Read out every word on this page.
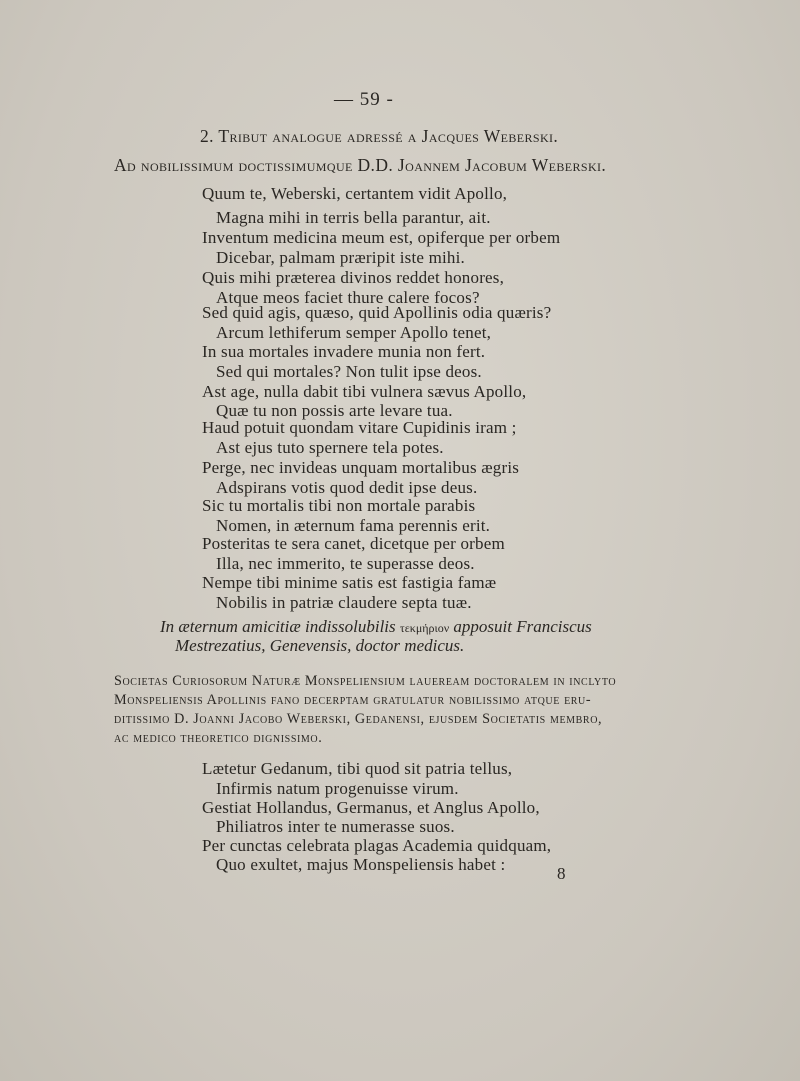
— 59 -
2. Tribut analogue adressé a Jacques Weberski.
Ad nobilissimum doctissimumque D.D. Joannem Jacobum Weberski.
Quum te, Weberski, certantem vidit Apollo,
Magna mihi in terris bella parantur, ait.
Inventum medicina meum est, opiferque per orbem
Dicebar, palmam præripit iste mihi.
Quis mihi præterea divinos reddet honores,
Atque meos faciet thure calere focos?
Sed quid agis, quæso, quid Apollinis odia quæris?
Arcum lethiferum semper Apollo tenet,
In sua mortales invadere munia non fert.
Sed qui mortales? Non tulit ipse deos.
Ast age, nulla dabit tibi vulnera sævus Apollo,
Quæ tu non possis arte levare tua.
Haud potuit quondam vitare Cupidinis iram ;
Ast ejus tuto spernere tela potes.
Perge, nec invideas unquam mortalibus ægris
Adspirans votis quod dedit ipse deus.
Sic tu mortalis tibi non mortale parabis
Nomen, in æternum fama perennis erit.
Posteritas te sera canet, dicetque per orbem
Illa, nec immerito, te superasse deos.
Nempe tibi minime satis est fastigia famæ
Nobilis in patriæ claudere septa tuæ.
In æternum amicitiæ indissolubilis τεκμήριον apposuit Franciscus
Mestrezatius, Genevensis, doctor medicus.
Societas Curiosorum Naturæ Monspeliensium laueream doctoralem in inclyto
Monspeliensis Apollinis fano decerptam gratulatur nobilissimo atque eru-
ditissimo D. Joanni Jacobo Weberski, Gedanensi, ejusdem Societatis membro,
ac medico theoretico dignissimo.
Lætetur Gedanum, tibi quod sit patria tellus,
Infirmis natum progenuisse virum.
Gestiat Hollandus, Germanus, et Anglus Apollo,
Philiatros inter te numerasse suos.
Per cunctas celebrata plagas Academia quidquam,
Quo exultet, majus Monspeliensis habet :	8
